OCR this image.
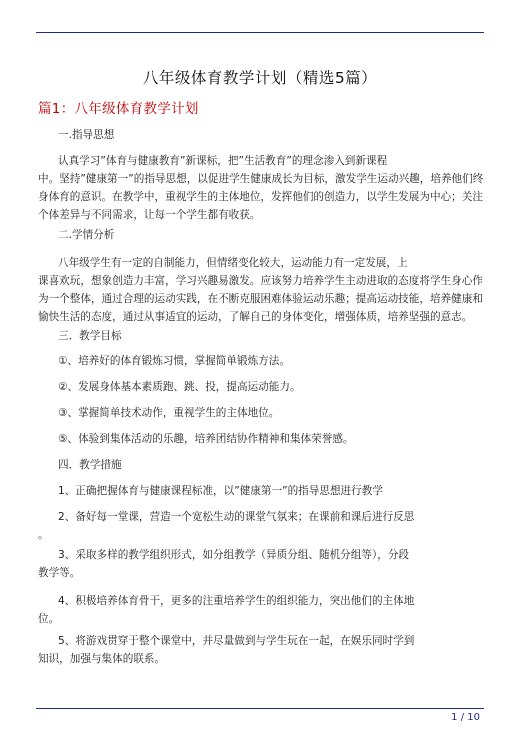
八年级体育教学计划（精选5篇）
篇1：八年级体育教学计划
一.指导思想
认真学习”体育与健康教育”新课标，把”生活教育”的理念渗入到新课程
中。坚持”健康第一”的指导思想，以促进学生健康成长为目标，激发学生运动兴趣，培养他们终身体育的意识。在教学中，重视学生的主体地位，发挥他们的创造力，以学生发展为中心；关注个体差异与不同需求，让每一个学生都有收获。
二.学情分析
八年级学生有一定的自制能力，但情绪变化较大，运动能力有一定发展，上
课喜欢玩，想象创造力丰富，学习兴趣易激发。应该努力培养学生主动进取的态度将学生身心作为一个整体，通过合理的运动实践，在不断克服困难体验运动乐趣；提高运动技能，培养健康和愉快生活的态度，通过从事适宜的运动，了解自己的身体变化，增强体质，培养坚强的意志。
三．教学目标
①、培养好的体育锻炼习惯，掌握简单锻炼方法。
②、发展身体基本素质跑、跳、投，提高运动能力。
③、掌握简单技术动作，重视学生的主体地位。
⑤、体验到集体活动的乐趣，培养团结协作精神和集体荣誉感。
四．教学措施
1、正确把握体育与健康课程标准，以”健康第一”的指导思想进行教学
2、备好每一堂课，营造一个宽松生动的课堂气氛来；在课前和课后进行反思
。
3、采取多样的教学组织形式，如分组教学（异质分组、随机分组等），分段
教学等。
4、积极培养体育骨干，更多的注重培养学生的组织能力，突出他们的主体地
位。
5、将游戏贯穿于整个课堂中，并尽量做到与学生玩在一起，在娱乐同时学到
知识，加强与集体的联系。
1 / 10
